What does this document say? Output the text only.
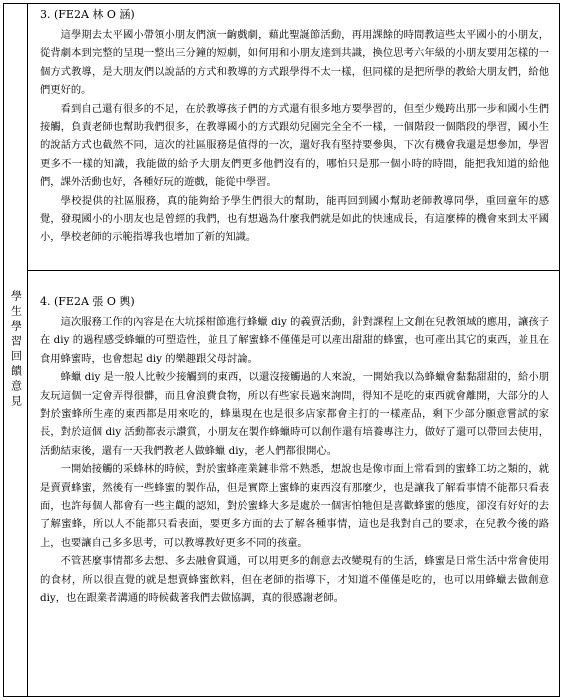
學生學習回饋意見
3. (FE2A 林 O 涵)

這學期去太平國小帶領小朋友們演一齣戲劇，藉此聖誕節活動，再用課餘的時間教這些太平國小的小朋友，從背劇本到完整的呈現一整出三分鐘的短劇，如何用和小朋友達到共識，換位思考六年級的小朋友要用怎樣的一個方式教導，是大朋友們以說話的方式和教導的方式跟學得不太一樣，但同樣的是把所學的教給大朋友們，給他們更好的。

看到自己還有很多的不足，在於教導孩子們的方式還有很多地方要學習的，但至少幾跨出那一步和國小生們接觸，負責老師也幫助我們很多，在教導國小的方式跟幼兒園完全全不一樣，一個階段一個階段的學習，國小生的說話方式也截然不同，這次的社區服務是值得的一次，還好我有堅持要參與，下次有機會我還是想參加，學習更多不一樣的知識，我能做的給予大朋友們更多他們沒有的，哪怕只是那一個小時的時間，能把我知道的給他們，課外活動也好，各種好玩的遊戲，能從中學習。

學校提供的社區服務，真的能夠給予學生們很大的幫助，能再回到國小幫助老師教導同學，重回童年的感覺，發現國小的小朋友也是曾經的我們，也有想過為什麼我們就是如此的快速成長，有這麼棒的機會來到太平國小，學校老師的示範指導我也增加了新的知識。

4. (FE2A 張 O 輿)

這次服務工作的內容是在大坑採柑節進行蜂蠟 diy 的義賣活動，針對課程上文創在兒教領域的應用，讓孩子在 diy 的過程感受蜂蠟的可塑造性，並且了解蜜蜂不僅僅是可以產出甜甜的蜂蜜，也可產出其它的東西，並且在食用蜂蜜時，也會想起 diy 的樂趣跟父母討論。

蜂蠟 diy 是一般人比較少接觸到的東西，以還沒接觸過的人來說，一開始我以為蜂蠟會黏黏甜甜的，給小朋友玩這個一定會弄得很髒，而且會浪費食物，所以有些家長過來詢問，得知不是吃的東西就會離開，大部分的人對於蜜蜂所生產的東西都是用來吃的，蜂巢現在也是很多店家都會主打的一樣產品，剩下少部分願意嘗試的家長，對於這個 diy 活動都表示讚賞，小朋友在製作蜂蠟時可以創作還有培養專注力，做好了還可以帶回去使用，活動結束後，還有一天我們教老人做蜂蠟 diy，老人們都很開心。

一開始接觸的采蜂林的時候，對於蜜蜂產業鏈非常不熟悉，想說也是像市面上常看到的蜜蜂工坊之類的，就是賣賣蜂蜜，然後有一些蜂蜜的製作品，但是實際上蜜蜂的東西沒有那麼少，也是讓我了解看事情不能都只看表面，也許每個人都會有一些主觀的認知，對於蜜蜂大多是處於一個害怕牠但是喜歡蜂蜜的態度，卻沒有好好的去了解蜜蜂，所以人不能都只看表面，要更多方面的去了解各種事情，這也是我對自己的要求，在兒教今後的路上，也要讓自己多多思考，可以教導教好更多不同的孩童。

不管甚麼事情都多去想、多去融會貫通，可以用更多的創意去改變現有的生活，蜂蜜是日常生活中常會使用的食材，所以很直覺的就是想賣蜂蜜飲料，但在老師的指導下，才知道不僅僅是吃的，也可以用蜂蠟去做創意 diy，也在跟業者溝通的時候截著我們去做協調，真的很感謝老師。
